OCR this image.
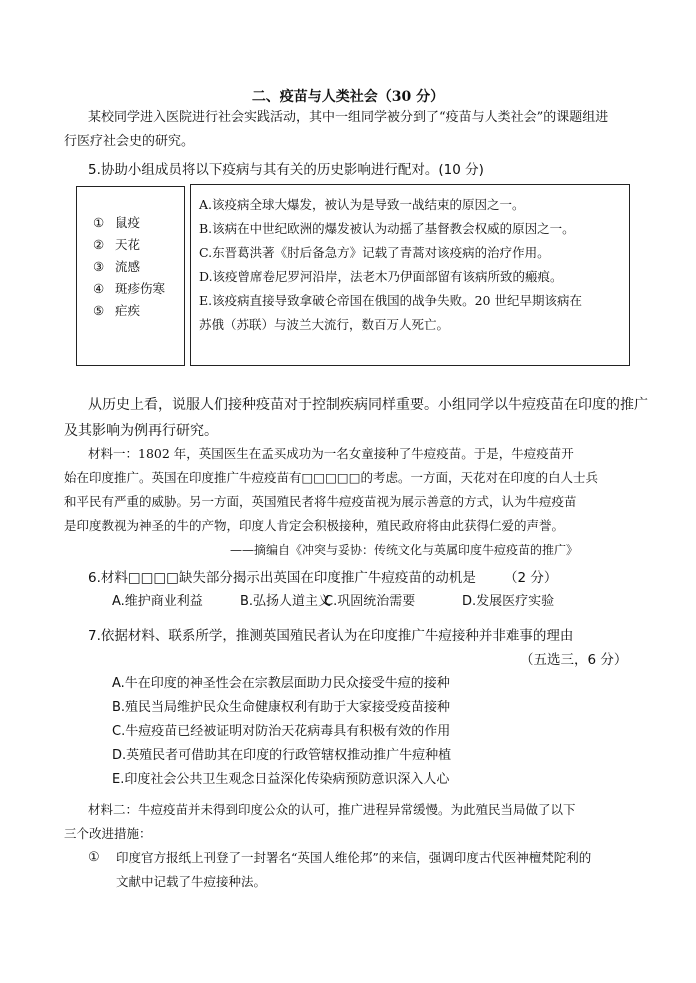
二、疫苗与人类社会（30 分）
某校同学进入医院进行社会实践活动，其中一组同学被分到了“疫苗与人类社会”的课题组进
行医疗社会史的研究。
5.协助小组成员将以下疫病与其有关的历史影响进行配对。(10 分)
① 鼠疫
② 天花
③ 流感
④ 斑疹伤寒
⑤ 疟疾
A.该疫病全球大爆发，被认为是导致一战结束的原因之一。
B.该病在中世纪欧洲的爆发被认为动摇了基督教会权威的原因之一。
C.东晋葛洪著《肘后备急方》记载了青蒿对该疫病的治疗作用。
D.该疫曾席卷尼罗河沿岸，法老木乃伊面部留有该病所致的瘢痕。
E.该疫病直接导致拿破仑帝国在俄国的战争失败。20 世纪早期该病在
苏俄（苏联）与波兰大流行，数百万人死亡。
从历史上看，说服人们接种疫苗对于控制疾病同样重要。小组同学以牛痘疫苗在印度的推广
及其影响为例再行研究。
材料一：1802 年，英国医生在孟买成功为一名女童接种了牛痘疫苗。于是，牛痘疫苗开
始在印度推广。英国在印度推广牛痘疫苗有□□□□□的考虑。一方面，天花对在印度的白人士兵
和平民有严重的威胁。另一方面，英国殖民者将牛痘疫苗视为展示善意的方式，认为牛痘疫苗
是印度教视为神圣的牛的产物，印度人肯定会积极接种，殖民政府将由此获得仁爱的声誉。
——摘编自《冲突与妥协：传统文化与英属印度牛痘疫苗的推广》
6.材料□□□□缺失部分揭示出英国在印度推广牛痘疫苗的动机是 （2 分）
A.维护商业利益	B.弘扬人道主义
C.巩固统治需要	D.发展医疗实验
7.依据材料、联系所学，推测英国殖民者认为在印度推广牛痘接种并非难事的理由
（五选三，6 分）
A.牛在印度的神圣性会在宗教层面助力民众接受牛痘的接种
B.殖民当局维护民众生命健康权利有助于大家接受疫苗接种
C.牛痘疫苗已经被证明对防治天花病毒具有积极有效的作用
D.英殖民者可借助其在印度的行政管辖权推动推广牛痘种植
E.印度社会公共卫生观念日益深化传染病预防意识深入人心
材料二：牛痘疫苗并未得到印度公众的认可，推广进程异常缓慢。为此殖民当局做了以下
三个改进措施：
① 印度官方报纸上刊登了一封署名“英国人维伦邦”的来信，强调印度古代医神檀梵陀利的
文献中记载了牛痘接种法。
